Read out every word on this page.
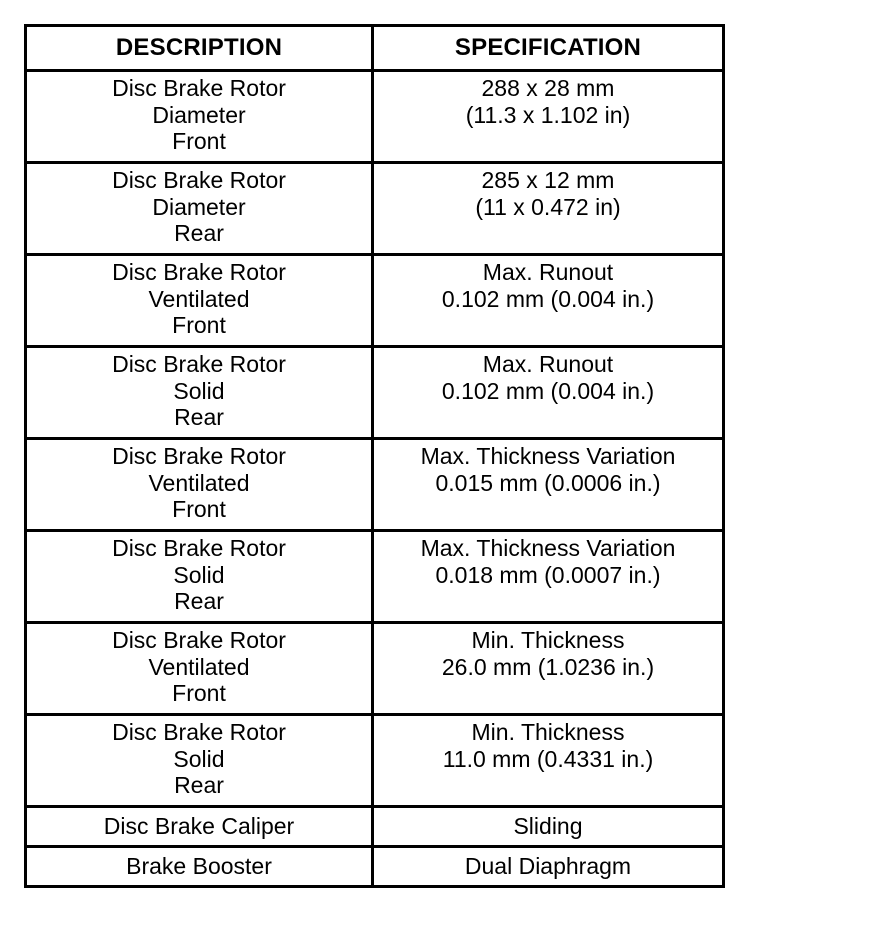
DESCRIPTION	SPECIFICATION

Disc Brake Rotor
Diameter
Front	288 x 28 mm
(11.3 x 1.102 in)

Disc Brake Rotor
Diameter
Rear	285 x 12 mm
(11 x 0.472 in)

Disc Brake Rotor
Ventilated
Front	Max. Runout
0.102 mm (0.004 in.)

Disc Brake Rotor
Solid
Rear	Max. Runout
0.102 mm (0.004 in.)

Disc Brake Rotor
Ventilated
Front	Max. Thickness Variation
0.015 mm (0.0006 in.)

Disc Brake Rotor
Solid
Rear	Max. Thickness Variation
0.018 mm (0.0007 in.)

Disc Brake Rotor
Ventilated
Front	Min. Thickness
26.0 mm (1.0236 in.)

Disc Brake Rotor
Solid
Rear	Min. Thickness
11.0 mm (0.4331 in.)

Disc Brake Caliper	Sliding

Brake Booster	Dual Diaphragm
